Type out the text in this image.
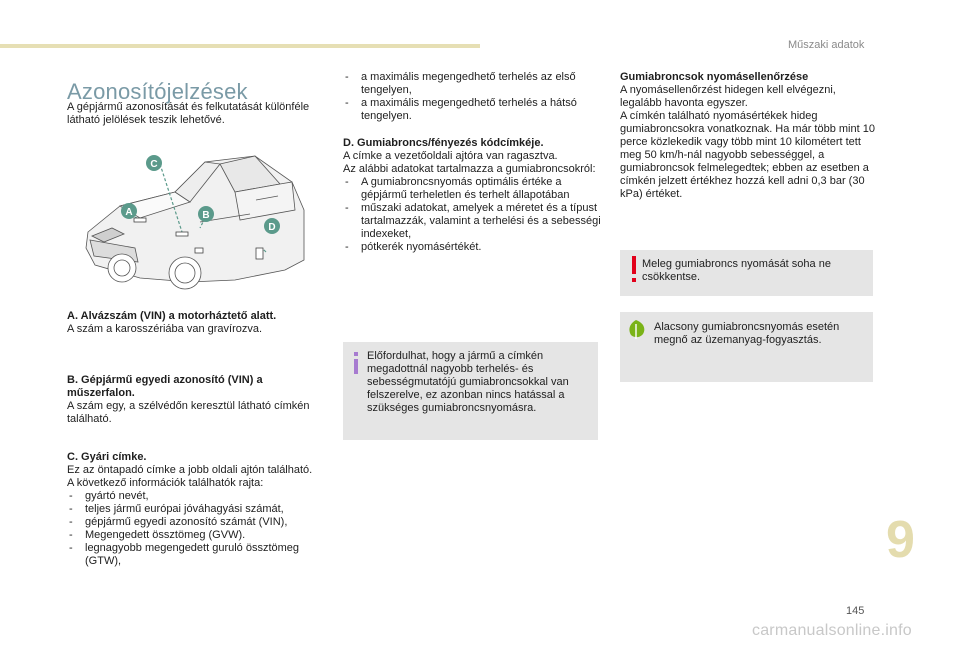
Műszaki adatok
Azonosítójelzések

A gépjármű azonosítását és felkutatását különféle látható jelölések teszik lehetővé.

A	B
C
D
A. Alvázszám (VIN) a motorháztető alatt.
A szám a karosszériába van gravírozva.
B. Gépjármű egyedi azonosító (VIN) a műszerfalon.
A szám egy, a szélvédőn keresztül látható címkén található.
C. Gyári címke.
Ez az öntapadó címke a jobb oldali ajtón található.
A következő információk találhatók rajta:
- gyártó nevét,
- teljes jármű európai jóváhagyási számát,
- gépjármű egyedi azonosító számát (VIN),
- Megengedett össztömeg (GVW).
- legnagyobb megengedett guruló össztömeg (GTW),
- a maximális megengedhető terhelés az első tengelyen,
- a maximális megengedhető terhelés a hátsó tengelyen.
D. Gumiabroncs/fényezés kódcímkéje.
A címke a vezetőoldali ajtóra van ragasztva.
Az alábbi adatokat tartalmazza a gumiabroncsokról:
- A gumiabroncsnyomás optimális értéke a gépjármű terheletlen és terhelt állapotában
- műszaki adatokat, amelyek a méretet és a típust tartalmazzák, valamint a terhelési és a sebességi indexeket,
- pótkerék nyomásértékét.
Előfordulhat, hogy a jármű a címkén megadottnál nagyobb terhelés- és sebességmutatójú gumiabroncsokkal van felszerelve, ez azonban nincs hatással a szükséges gumiabroncsnyomásra.
Gumiabroncsok nyomásellenőrzése
A nyomásellenőrzést hidegen kell elvégezni, legalább havonta egyszer.
A címkén található nyomásértékek hideg gumiabroncsokra vonatkoznak. Ha már több mint 10 perce közlekedik vagy több mint 10 kilométert tett meg 50 km/h-nál nagyobb sebességgel, a gumiabroncsok felmelegedtek; ebben az esetben a címkén jelzett értékhez hozzá kell adni 0,3 bar (30 kPa) értéket.
Meleg gumiabroncs nyomását soha ne csökkentse.
Alacsony gumiabroncsnyomás esetén megnő az üzemanyag-fogyasztás.
9
145
carmanualsonline.info
